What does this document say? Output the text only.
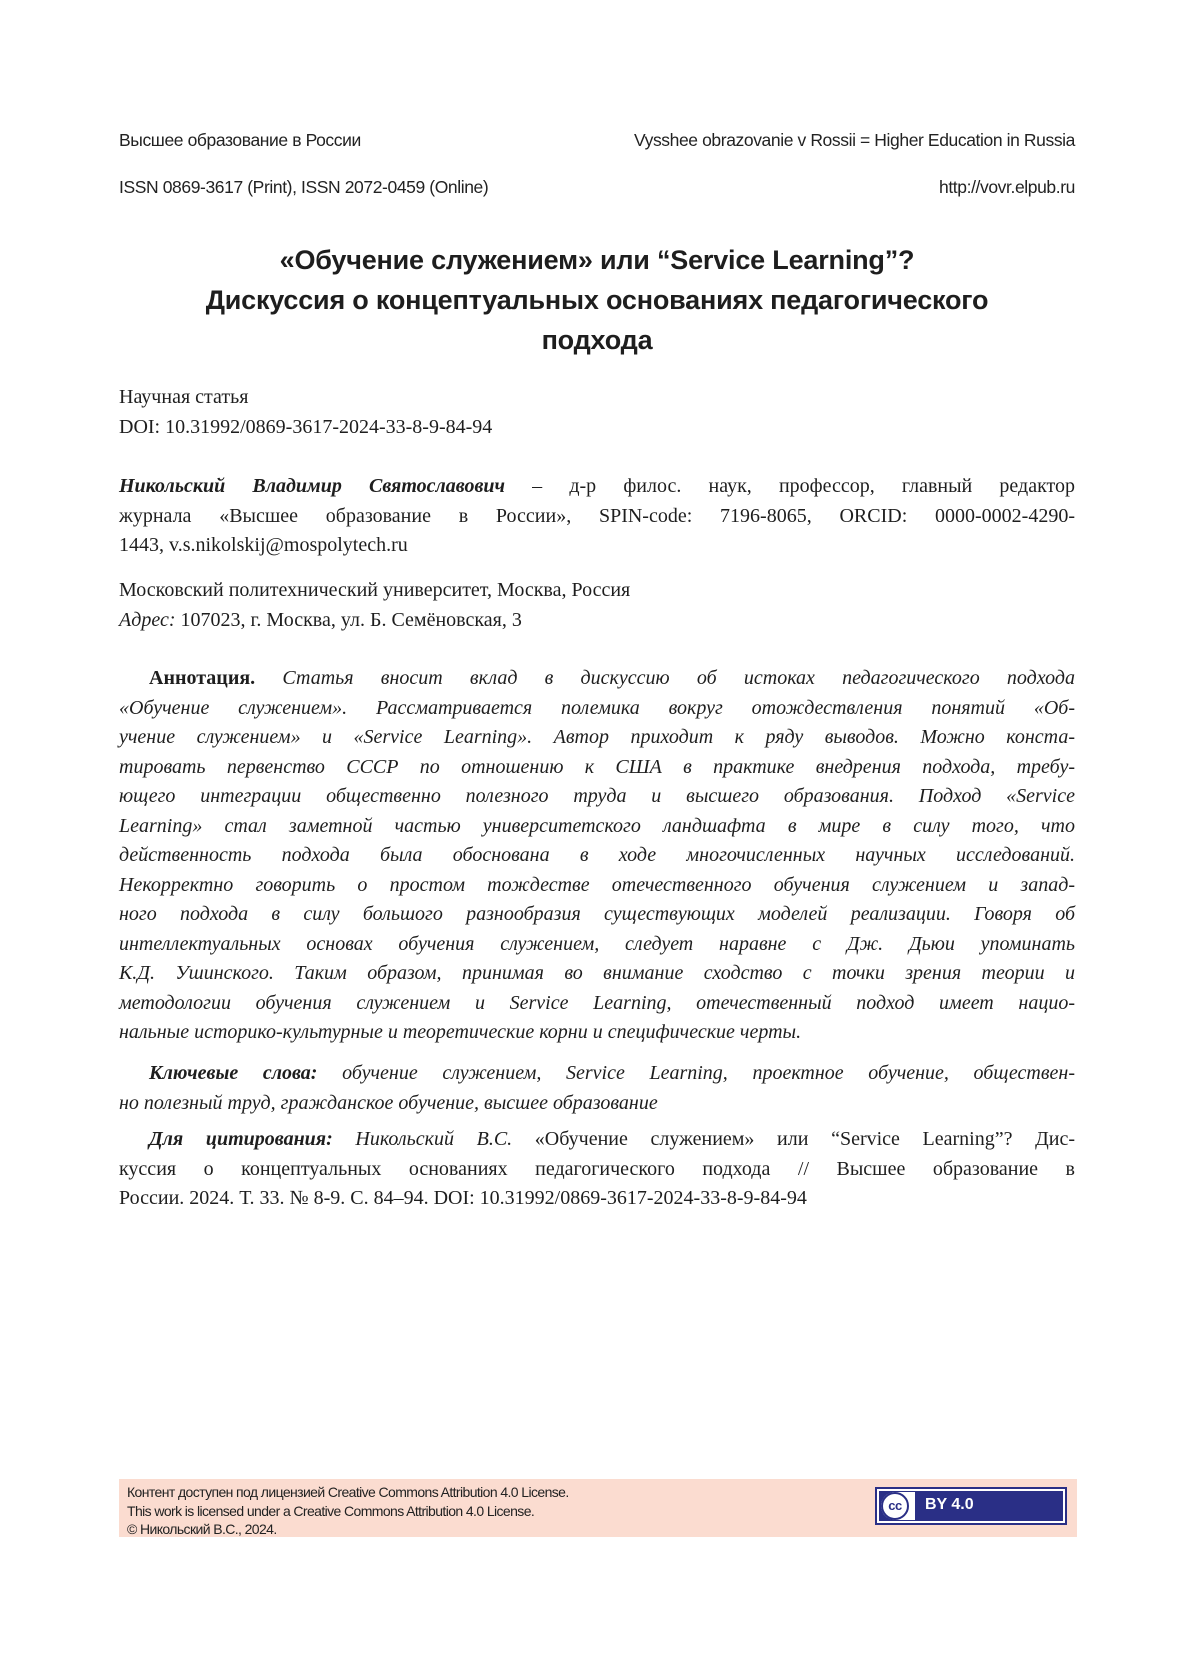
Высшее образование в России	Vysshee obrazovanie v Rossii = Higher Education in Russia
ISSN 0869-3617 (Print), ISSN 2072-0459 (Online)	http://vovr.elpub.ru
«Обучение служением» или “Service Learning”?
Дискуссия о концептуальных основаниях педагогического
подхода
Научная статья
DOI: 10.31992/0869-3617-2024-33-8-9-84-94
Никольский Владимир Святославович – д-р филос. наук, профессор, главный редактор
журнала «Высшее образование в России», SPIN-code: 7196-8065, ORCID: 0000-0002-4290-
1443, v.s.nikolskij@mospolytech.ru
Московский политехнический университет, Москва, Россия
Адрес: 107023, г. Москва, ул. Б. Семёновская, 3
Аннотация. Статья вносит вклад в дискуссию об истоках педагогического подхода
«Обучение служением». Рассматривается полемика вокруг отождествления понятий «Об-
учение служением» и «Service Learning». Автор приходит к ряду выводов. Можно конста-
тировать первенство СССР по отношению к США в практике внедрения подхода, требу-
ющего интеграции общественно полезного труда и высшего образования. Подход «Service
Learning» стал заметной частью университетского ландшафта в мире в силу того, что
действенность подхода была обоснована в ходе многочисленных научных исследований.
Некорректно говорить о простом тождестве отечественного обучения служением и запад-
ного подхода в силу большого разнообразия существующих моделей реализации. Говоря об
интеллектуальных основах обучения служением, следует наравне с Дж. Дьюи упоминать
К.Д. Ушинского. Таким образом, принимая во внимание сходство с точки зрения теории и
методологии обучения служением и Service Learning, отечественный подход имеет нацио-
нальные историко-культурные и теоретические корни и специфические черты.
Ключевые слова: обучение служением, Service Learning, проектное обучение, обществен-
но полезный труд, гражданское обучение, высшее образование
Для цитирования: Никольский В.С. «Обучение служением» или “Service Learning”? Дис-
куссия о концептуальных основаниях педагогического подхода // Высшее образование в
России. 2024. Т. 33. № 8-9. С. 84–94. DOI: 10.31992/0869-3617-2024-33-8-9-84-94
Контент доступен под лицензией Creative Commons Attribution 4.0 License.
This work is licensed under a Creative Commons Attribution 4.0 License.
© Никольский В.С., 2024.
cc	BY 4.0
